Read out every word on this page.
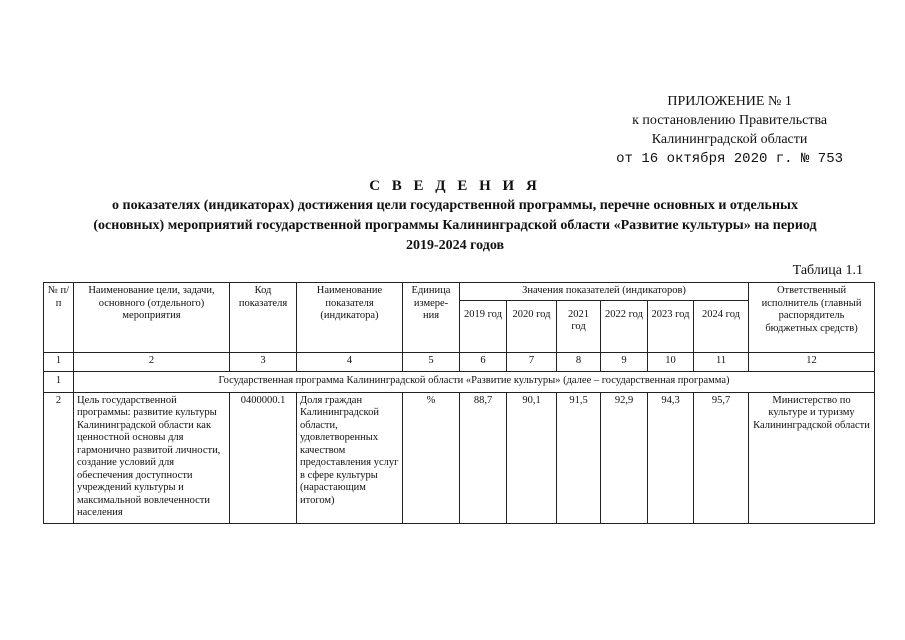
ПРИЛОЖЕНИЕ № 1
к постановлению Правительства
Калининградской области
от 16 октября 2020 г. № 753
С В Е Д Е Н И Я
о показателях (индикаторах) достижения цели государственной программы, перечне основных и отдельных
(основных) мероприятий государственной программы Калининградской области «Развитие культуры» на период
2019-2024 годов
Таблица 1.1
№ п/п	Наименование цели, задачи, основного (отдельного) мероприятия	Код показателя	Наименование показателя (индикатора)	Единица измере-ния	Значения показателей (индикаторов)						Ответственный исполнитель (главный распорядитель бюджетных средств)
					2019 год	2020 год	2021 год	2022 год	2023 год	2024 год	
1	2	3	4	5	6	7	8	9	10	11	12
1	Государственная программа Калининградской области «Развитие культуры» (далее – государственная программа)										
2	Цель государственной программы: развитие культуры Калининградской области как ценностной основы для гармонично развитой личности, создание условий для обеспечения доступности учреждений культуры и максимальной вовлеченности населения	0400000.1	Доля граждан Калининградской области, удовлетворенных качеством предоставления услуг в сфере культуры (нарастающим итогом)	%	88,7	90,1	91,5	92,9	94,3	95,7	Министерство по культуре и туризму Калининградской области
